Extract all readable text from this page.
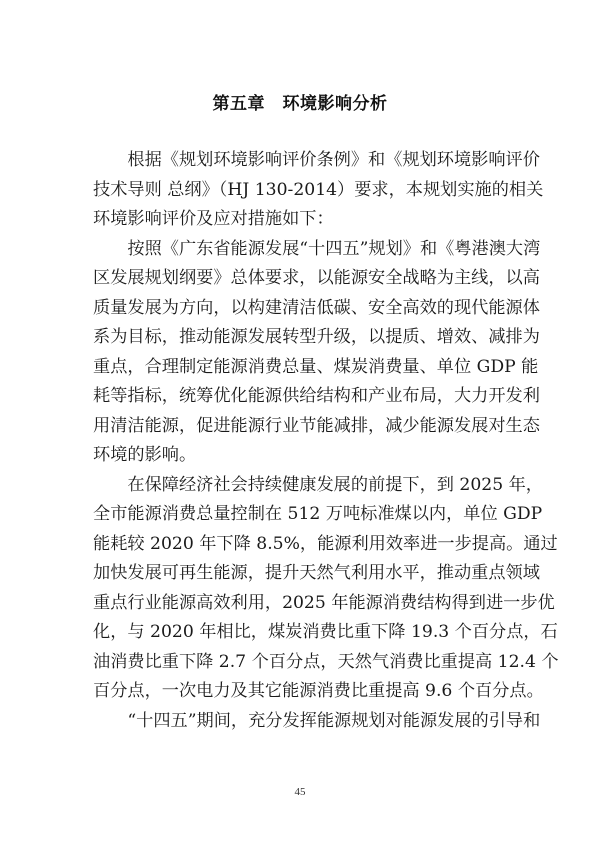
第五章　环境影响分析
根据《规划环境影响评价条例》和《规划环境影响评价
技术导则 总纲》（HJ 130-2014）要求，本规划实施的相关
环境影响评价及应对措施如下：
按照《广东省能源发展“十四五”规划》和《粤港澳大湾
区发展规划纲要》总体要求，以能源安全战略为主线，以高
质量发展为方向，以构建清洁低碳、安全高效的现代能源体
系为目标，推动能源发展转型升级，以提质、增效、减排为
重点，合理制定能源消费总量、煤炭消费量、单位 GDP 能
耗等指标，统筹优化能源供给结构和产业布局，大力开发利
用清洁能源，促进能源行业节能减排，减少能源发展对生态
环境的影响。
在保障经济社会持续健康发展的前提下，到 2025 年，
全市能源消费总量控制在 512 万吨标准煤以内，单位 GDP
能耗较 2020 年下降 8.5%，能源利用效率进一步提高。通过
加快发展可再生能源，提升天然气利用水平，推动重点领域
重点行业能源高效利用，2025 年能源消费结构得到进一步优
化，与 2020 年相比，煤炭消费比重下降 19.3 个百分点，石
油消费比重下降 2.7 个百分点，天然气消费比重提高 12.4 个
百分点，一次电力及其它能源消费比重提高 9.6 个百分点。
“十四五”期间，充分发挥能源规划对能源发展的引导和
45
